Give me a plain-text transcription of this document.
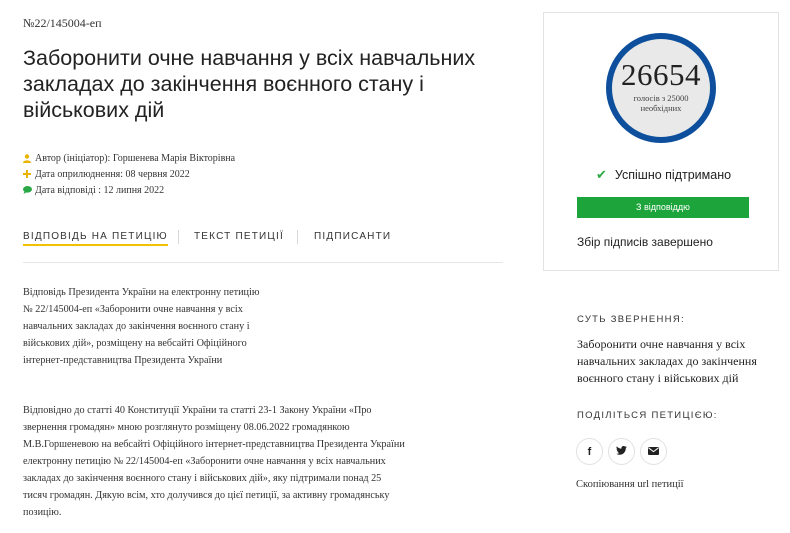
№22/145004-еп
Заборонити очне навчання у всіх навчальних закладах до закінчення воєнного стану і військових дій
Автор (ініціатор): Горшенева Марія Вікторівна
Дата оприлюднення: 08 червня 2022
Дата відповіді : 12 липня 2022
ВІДПОВІДЬ НА ПЕТИЦІЮ	ТЕКСТ ПЕТИЦІЇ	ПІДПИСАНТИ

Відповідь Президента України на електронну петицію № 22/145004-еп «Заборонити очне навчання у всіх навчальних закладах до закінчення воєнного стану і військових дій», розміщену на вебсайті Офіційного інтернет-представництва Президента України

Відповідно до статті 40 Конституції України та статті 23-1 Закону України «Про звернення громадян» мною розглянуто розміщену 08.06.2022 громадянкою М.В.Горшеневою на вебсайті Офіційного інтернет-представництва Президента України електронну петицію № 22/145004-еп «Заборонити очне навчання у всіх навчальних закладах до закінчення воєнного стану і військових дій», яку підтримали понад 25 тисяч громадян. Дякую всім, хто долучився до цієї петиції, за активну громадянську позицію.

26654
голосів з 25000 необхідних
✔ Успішно підтримано
З відповіддю
Збір підписів завершено
СУТЬ ЗВЕРНЕННЯ:
Заборонити очне навчання у всіх навчальних закладах до закінчення воєнного стану і військових дій
ПОДІЛІТЬСЯ ПЕТИЦІЄЮ:
f
Скопіювання url петиції
